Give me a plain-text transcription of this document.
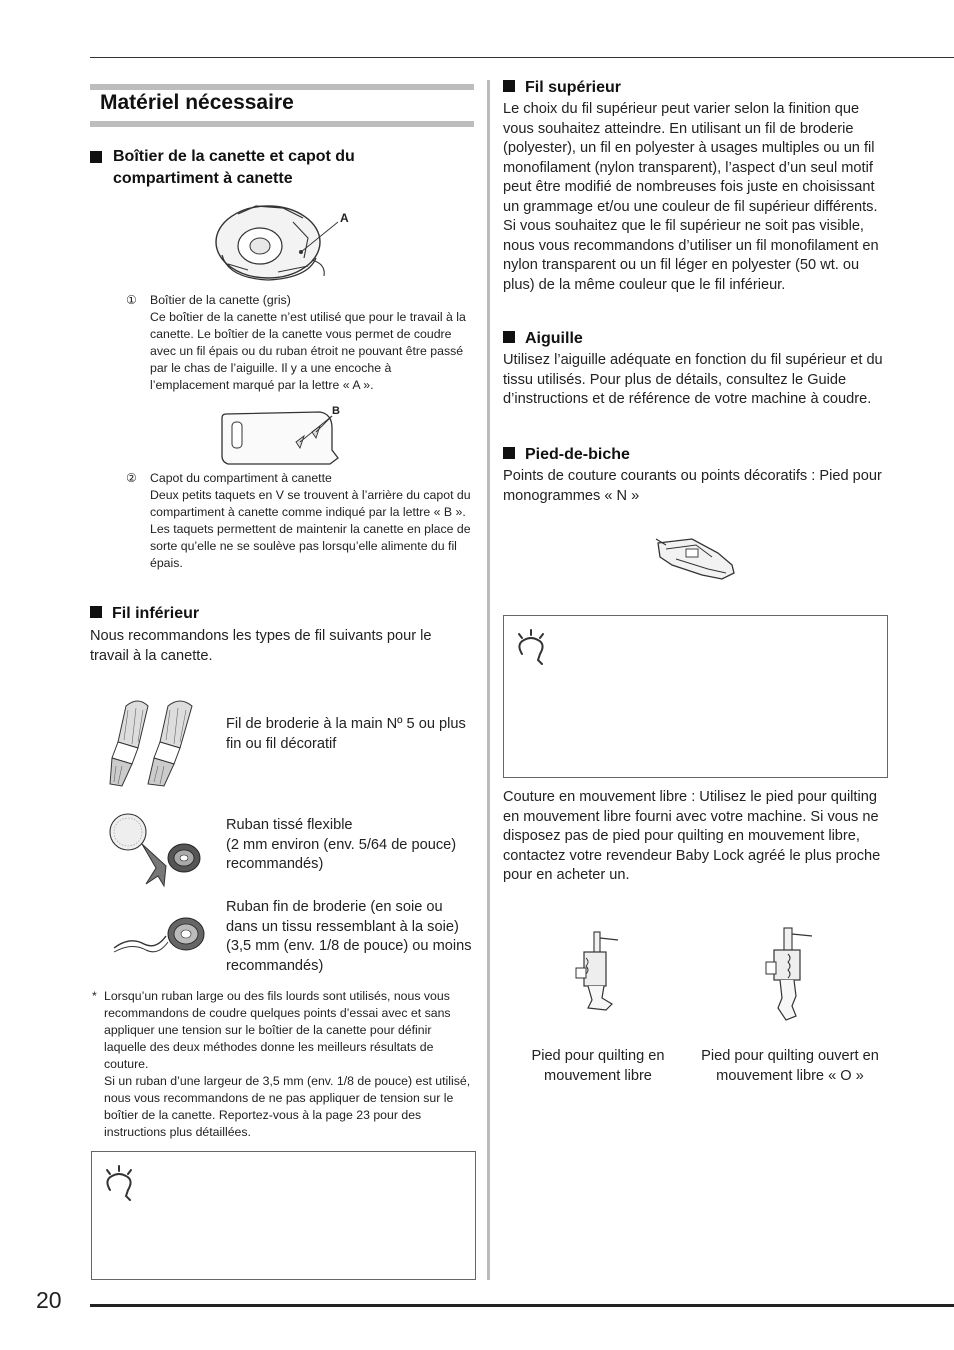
20
Matériel nécessaire
Boîtier de la canette et capot du compartiment à canette
A
① Boîtier de la canette (gris)
Ce boîtier de la canette n’est utilisé que pour le travail à la canette. Le boîtier de la canette vous permet de coudre avec un fil épais ou du ruban étroit ne pouvant être passé par le chas de l’aiguille. Il y a une encoche à l’emplacement marqué par la lettre « A ».
B
② Capot du compartiment à canette
Deux petits taquets en V se trouvent à l’arrière du capot du compartiment à canette comme indiqué par la lettre « B ».
Les taquets permettent de maintenir la canette en place de sorte qu’elle ne se soulève pas lorsqu’elle alimente du fil épais.
Fil inférieur
Nous recommandons les types de fil suivants pour le travail à la canette.
Fil de broderie à la main Nº 5 ou plus fin ou fil décoratif
Ruban tissé flexible
(2 mm environ (env. 5/64 de pouce) recommandés)
Ruban fin de broderie (en soie ou dans un tissu ressemblant à la soie) (3,5 mm (env. 1/8 de pouce) ou moins recommandés)
* Lorsqu’un ruban large ou des fils lourds sont utilisés, nous vous recommandons de coudre quelques points d’essai avec et sans appliquer une tension sur le boîtier de la canette pour définir laquelle des deux méthodes donne les meilleurs résultats de couture.
Si un ruban d’une largeur de 3,5 mm (env. 1/8 de pouce) est utilisé, nous vous recommandons de ne pas appliquer de tension sur le boîtier de la canette. Reportez-vous à la page 23 pour des instructions plus détaillées.
Fil supérieur
Le choix du fil supérieur peut varier selon la finition que vous souhaitez atteindre. En utilisant un fil de broderie (polyester), un fil en polyester à usages multiples ou un fil monofilament (nylon transparent), l’aspect d’un seul motif peut être modifié de nombreuses fois juste en choisissant un grammage et/ou une couleur de fil supérieur différents.
Si vous souhaitez que le fil supérieur ne soit pas visible, nous vous recommandons d’utiliser un fil monofilament en nylon transparent ou un fil léger en polyester (50 wt. ou plus) de la même couleur que le fil inférieur.
Aiguille
Utilisez l’aiguille adéquate en fonction du fil supérieur et du tissu utilisés. Pour plus de détails, consultez le Guide d’instructions et de référence de votre machine à coudre.
Pied-de-biche
Points de couture courants ou points décoratifs : Pied pour monogrammes « N »
Couture en mouvement libre : Utilisez le pied pour quilting en mouvement libre fourni avec votre machine. Si vous ne disposez pas de pied pour quilting en mouvement libre, contactez votre revendeur Baby Lock agréé le plus proche pour en acheter un.
Pied pour quilting en mouvement libre
Pied pour quilting ouvert en mouvement libre « O »
